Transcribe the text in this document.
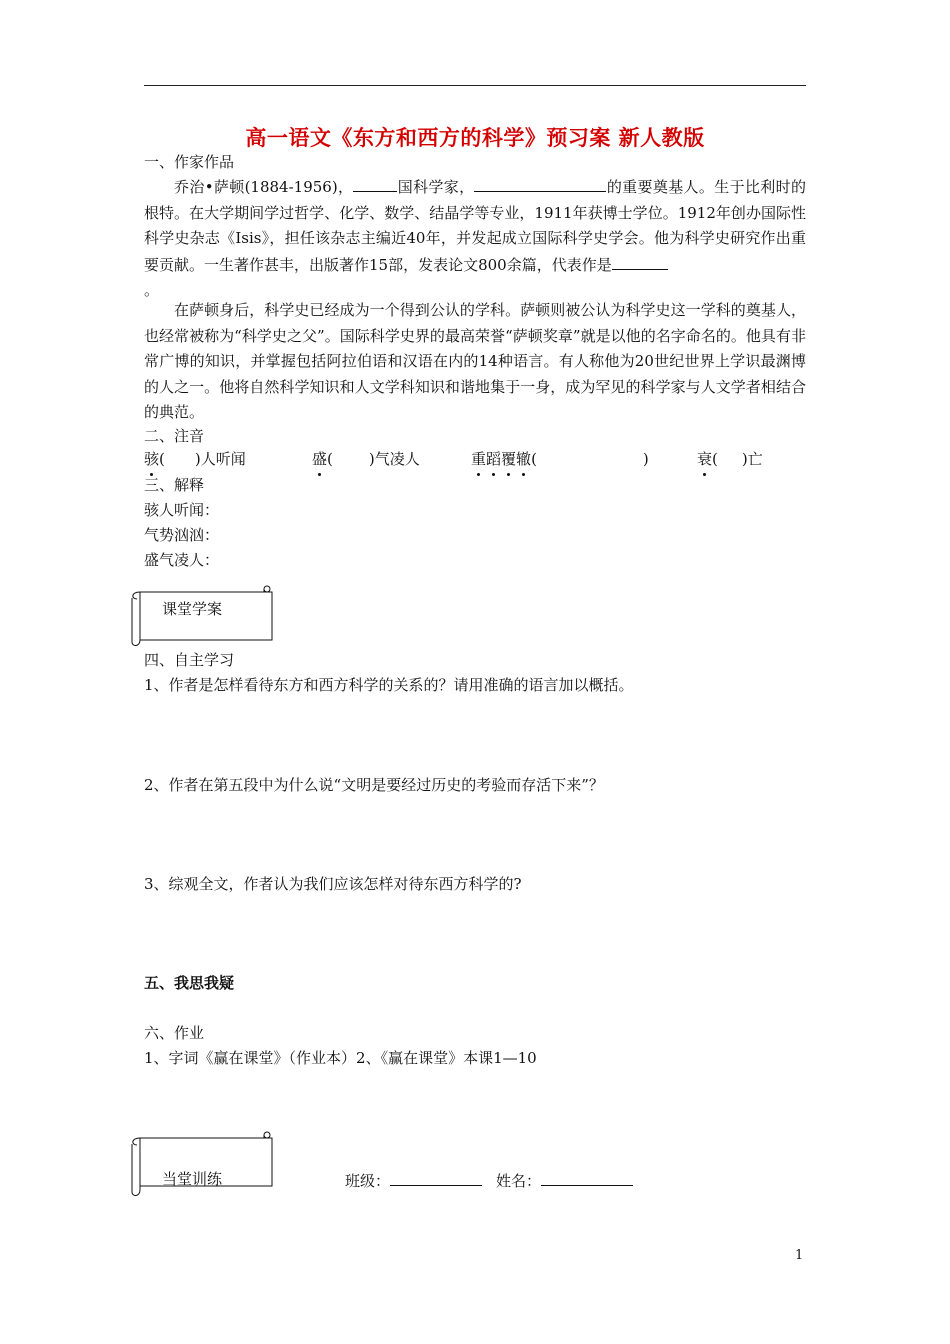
高一语文《东方和西方的科学》预习案 新人教版
一、作家作品
乔治•萨顿(1884-1956)，	国科学家，	的重要奠基人。生于比利时的根特。在大学期间学过哲学、化学、数学、结晶学等专业，1911年获博士学位。1912年创办国际性科学史杂志《Isis》，担任该杂志主编近40年，并发起成立国际科学史学会。他为科学史研究作出重要贡献。一生著作甚丰，出版著作15部，发表论文800余篇，代表作是
。
在萨顿身后，科学史已经成为一个得到公认的学科。萨顿则被公认为科学史这一学科的奠基人，也经常被称为“科学史之父”。国际科学史界的最高荣誉“萨顿奖章”就是以他的名字命名的。他具有非常广博的知识，并掌握包括阿拉伯语和汉语在内的14种语言。有人称他为20世纪世界上学识最渊博的人之一。他将自然科学知识和人文学科知识和谐地集于一身，成为罕见的科学家与人文学者相结合的典范。
二、注音
骇( )人听闻	盛( )气凌人	重蹈覆辙(	)	衰( )亡
三、解释
骇人听闻：
气势汹汹：
盛气凌人：
课堂学案
四、自主学习
1、作者是怎样看待东方和西方科学的关系的？请用准确的语言加以概括。
2、作者在第五段中为什么说“文明是要经过历史的考验而存活下来”？
3、综观全文，作者认为我们应该怎样对待东西方科学的?
五、我思我疑
六、作业
1、字词《赢在课堂》（作业本）2、《赢在课堂》本课1—10
当堂训练	班级：	姓名：
1
